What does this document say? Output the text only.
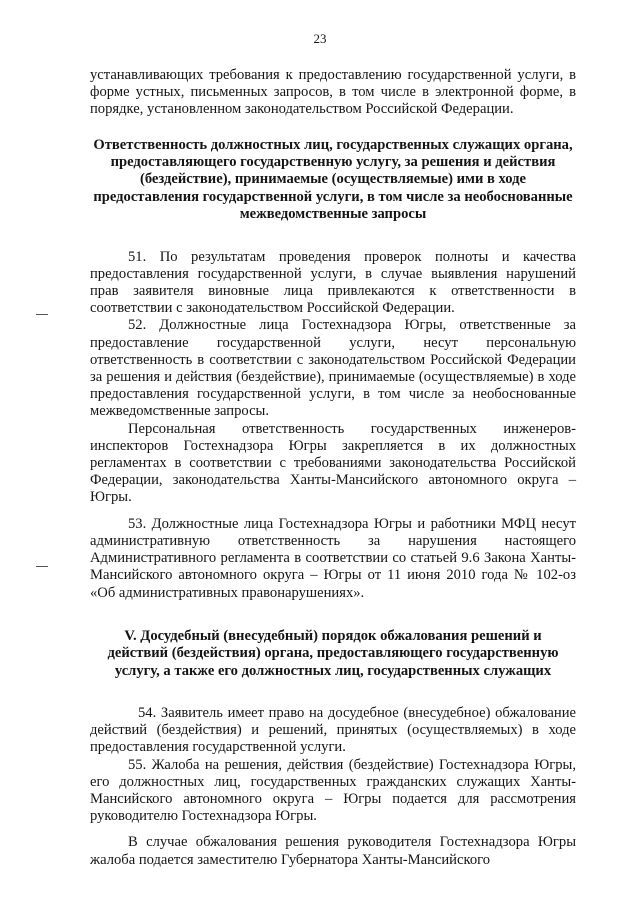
23

устанавливающих требования к предоставлению государственной услуги, в форме устных, письменных запросов, в том числе в электронной форме, в порядке, установленном законодательством Российской Федерации.

Ответственность должностных лиц, государственных служащих органа, предоставляющего государственную услугу, за решения и действия (бездействие), принимаемые (осуществляемые) ими в ходе предоставления государственной услуги, в том числе за необоснованные межведомственные запросы

51. По результатам проведения проверок полноты и качества предоставления государственной услуги, в случае выявления нарушений прав заявителя виновные лица привлекаются к ответственности в соответствии с законодательством Российской Федерации.

52. Должностные лица Гостехнадзора Югры, ответственные за предоставление государственной услуги, несут персональную ответственность в соответствии с законодательством Российской Федерации за решения и действия (бездействие), принимаемые (осуществляемые) в ходе предоставления государственной услуги, в том числе за необоснованные межведомственные запросы.

Персональная ответственность государственных инженеров-инспекторов Гостехнадзора Югры закрепляется в их должностных регламентах в соответствии с требованиями законодательства Российской Федерации, законодательства Ханты-Мансийского автономного округа – Югры.

53. Должностные лица Гостехнадзора Югры и работники МФЦ несут административную ответственность за нарушения настоящего Административного регламента в соответствии со статьей 9.6 Закона Ханты-Мансийского автономного округа – Югры от 11 июня 2010 года № 102-оз «Об административных правонарушениях».

V. Досудебный (внесудебный) порядок обжалования решений и действий (бездействия) органа, предоставляющего государственную услугу, а также его должностных лиц, государственных служащих

54. Заявитель имеет право на досудебное (внесудебное) обжалование действий (бездействия) и решений, принятых (осуществляемых) в ходе предоставления государственной услуги.

55. Жалоба на решения, действия (бездействие) Гостехнадзора Югры, его должностных лиц, государственных гражданских служащих Ханты-Мансийского автономного округа – Югры подается для рассмотрения руководителю Гостехнадзора Югры.

В случае обжалования решения руководителя Гостехнадзора Югры жалоба подается заместителю Губернатора Ханты-Мансийского
